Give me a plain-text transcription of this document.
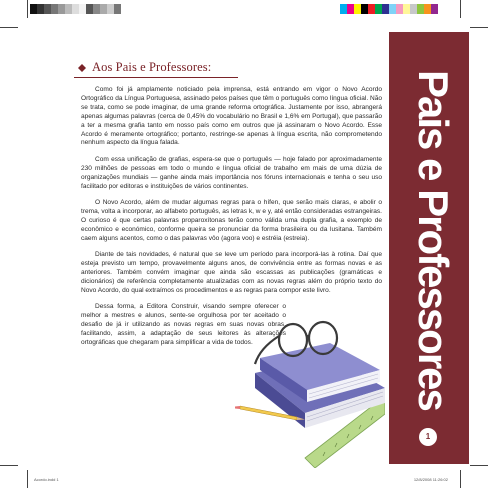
Aos Pais e Professores:

Como foi já amplamente noticiado pela imprensa, está entrando em vigor o Novo Acordo Ortográfico da Língua Portuguesa, assinado pelos países que têm o português como língua oficial. Não se trata, como se pode imaginar, de uma grande reforma ortográfica. Justamente por isso, abrangerá apenas algumas palavras (cerca de 0,45% do vocabulário no Brasil e 1,6% em Portugal), que passarão a ter a mesma grafia tanto em nosso país como em outros que já assinaram o Novo Acordo. Esse Acordo é meramente ortográfico; portanto, restringe-se apenas à língua escrita, não comprometendo nenhum aspecto da língua falada.

Com essa unificação de grafias, espera-se que o português — hoje falado por aproximadamente 230 milhões de pessoas em todo o mundo e língua oficial de trabalho em mais de uma dúzia de organizações mundiais — ganhe ainda mais importância nos fóruns internacionais e tenha o seu uso facilitado por editoras e instituições de vários continentes.

O Novo Acordo, além de mudar algumas regras para o hífen, que serão mais claras, e abolir o trema, volta a incorporar, ao alfabeto português, as letras k, w e y, até então consideradas estrangeiras. O curioso é que certas palavras proparoxítonas terão como válida uma dupla grafia, a exemplo de econômico e económico, conforme queira se pronunciar da forma brasileira ou da lusitana. Também caem alguns acentos, como o das palavras vôo (agora voo) e estréia (estreia).

Diante de tais novidades, é natural que se leve um período para incorporá-las à rotina. Daí que esteja previsto um tempo, provavelmente alguns anos, de convivência entre as formas novas e as anteriores. Também convém imaginar que ainda são escassas as publicações (gramáticas e dicionários) de referência completamente atualizadas com as novas regras além do próprio texto do Novo Acordo, do qual extraímos os procedimentos e as regras para compor este livro.

Dessa forma, a Editora Construir, visando sempre oferecer o melhor a mestres e alunos, sente-se orgulhosa por ter aceitado o desafio de já ir utilizando as novas regras em suas novas obras, facilitando, assim, a adaptação de seus leitores às alterações ortográficas que chegaram para simplificar a vida de todos.	Pais e Professores
1
Acordo.indd 1	12/8/2008 11:26:02
